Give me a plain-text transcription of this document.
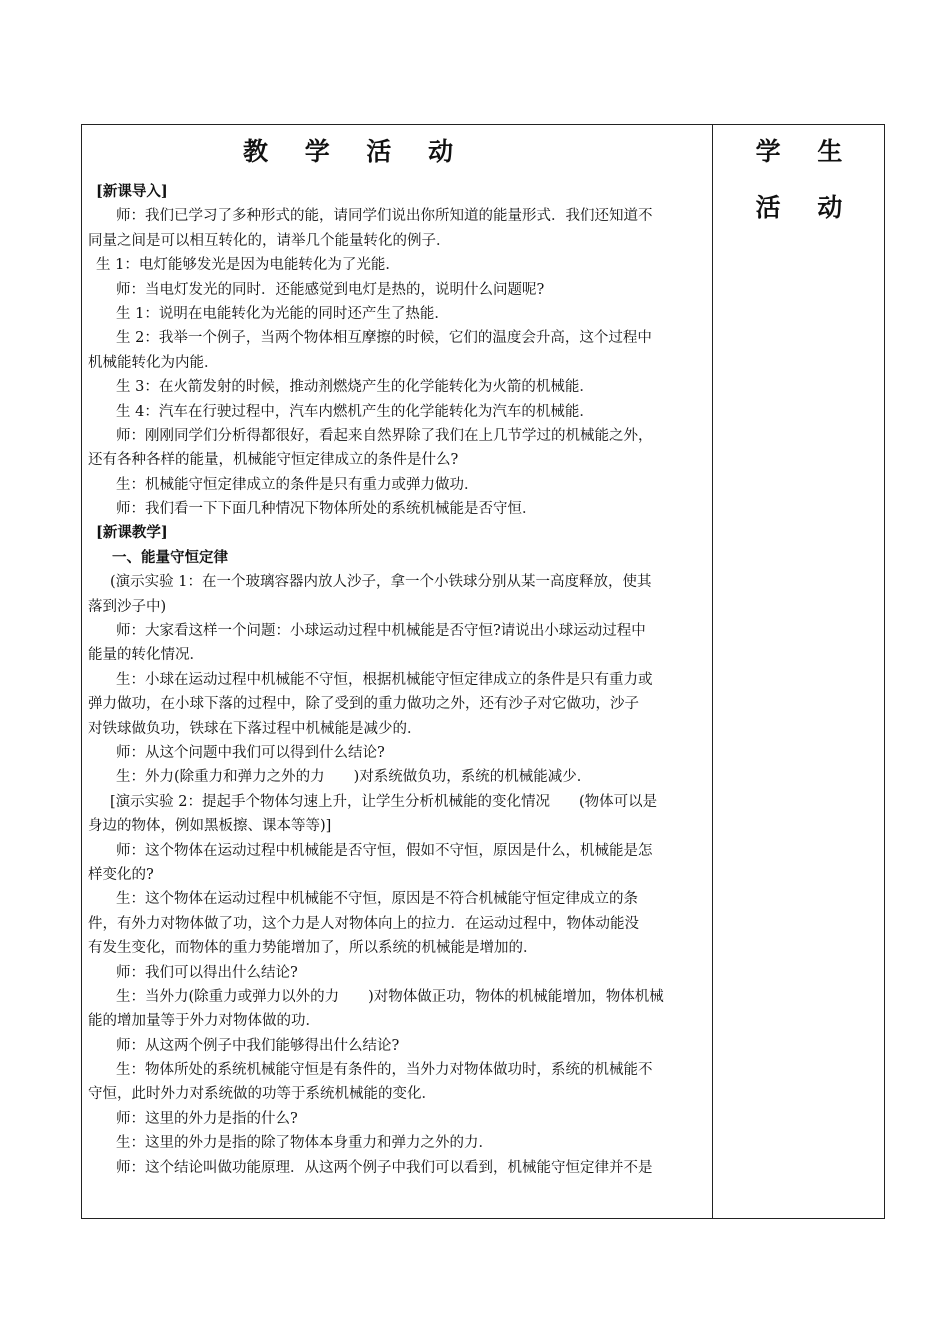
教 学 活 动
[新课导入]
师：我们已学习了多种形式的能，请同学们说出你所知道的能量形式．我们还知道不
同量之间是可以相互转化的，请举几个能量转化的例子．
生 1：电灯能够发光是因为电能转化为了光能．
师：当电灯发光的同时．还能感觉到电灯是热的，说明什么问题呢?
生 1：说明在电能转化为光能的同时还产生了热能．
生 2：我举一个例子，当两个物体相互摩擦的时候，它们的温度会升高，这个过程中
机械能转化为内能．
生 3：在火箭发射的时候，推动剂燃烧产生的化学能转化为火箭的机械能．
生 4：汽车在行驶过程中，汽车内燃机产生的化学能转化为汽车的机械能．
师：刚刚同学们分析得都很好，看起来自然界除了我们在上几节学过的机械能之外，
还有各种各样的能量，机械能守恒定律成立的条件是什么?
生：机械能守恒定律成立的条件是只有重力或弹力做功．
师：我们看一下下面几种情况下物体所处的系统机械能是否守恒．
[新课教学]
一、能量守恒定律
(演示实验 1：在一个玻璃容器内放人沙子，拿一个小铁球分别从某一高度释放，使其
落到沙子中)
师：大家看这样一个问题：小球运动过程中机械能是否守恒?请说出小球运动过程中
能量的转化情况．
生：小球在运动过程中机械能不守恒，根据机械能守恒定律成立的条件是只有重力或
弹力做功，在小球下落的过程中，除了受到的重力做功之外，还有沙子对它做功，沙子
对铁球做负功，铁球在下落过程中机械能是减少的．
师：从这个问题中我们可以得到什么结论?
生：外力(除重力和弹力之外的力　　)对系统做负功，系统的机械能减少．
[演示实验 2：提起手个物体匀速上升，让学生分析机械能的变化情况　　(物体可以是
身边的物体，例如黑板擦、课本等等)]
师：这个物体在运动过程中机械能是否守恒，假如不守恒，原因是什么，机械能是怎
样变化的?
生：这个物体在运动过程中机械能不守恒，原因是不符合机械能守恒定律成立的条
件，有外力对物体做了功，这个力是人对物体向上的拉力．在运动过程中，物体动能没
有发生变化，而物体的重力势能增加了，所以系统的机械能是增加的．
师：我们可以得出什么结论?
生：当外力(除重力或弹力以外的力　　)对物体做正功，物体的机械能增加，物体机械
能的增加量等于外力对物体做的功．
师：从这两个例子中我们能够得出什么结论?
生：物体所处的系统机械能守恒是有条件的，当外力对物体做功时，系统的机械能不
守恒，此时外力对系统做的功等于系统机械能的变化．
师：这里的外力是指的什么?
生：这里的外力是指的除了物体本身重力和弹力之外的力．
师：这个结论叫做功能原理．从这两个例子中我们可以看到，机械能守恒定律并不是
学 生 活 动
